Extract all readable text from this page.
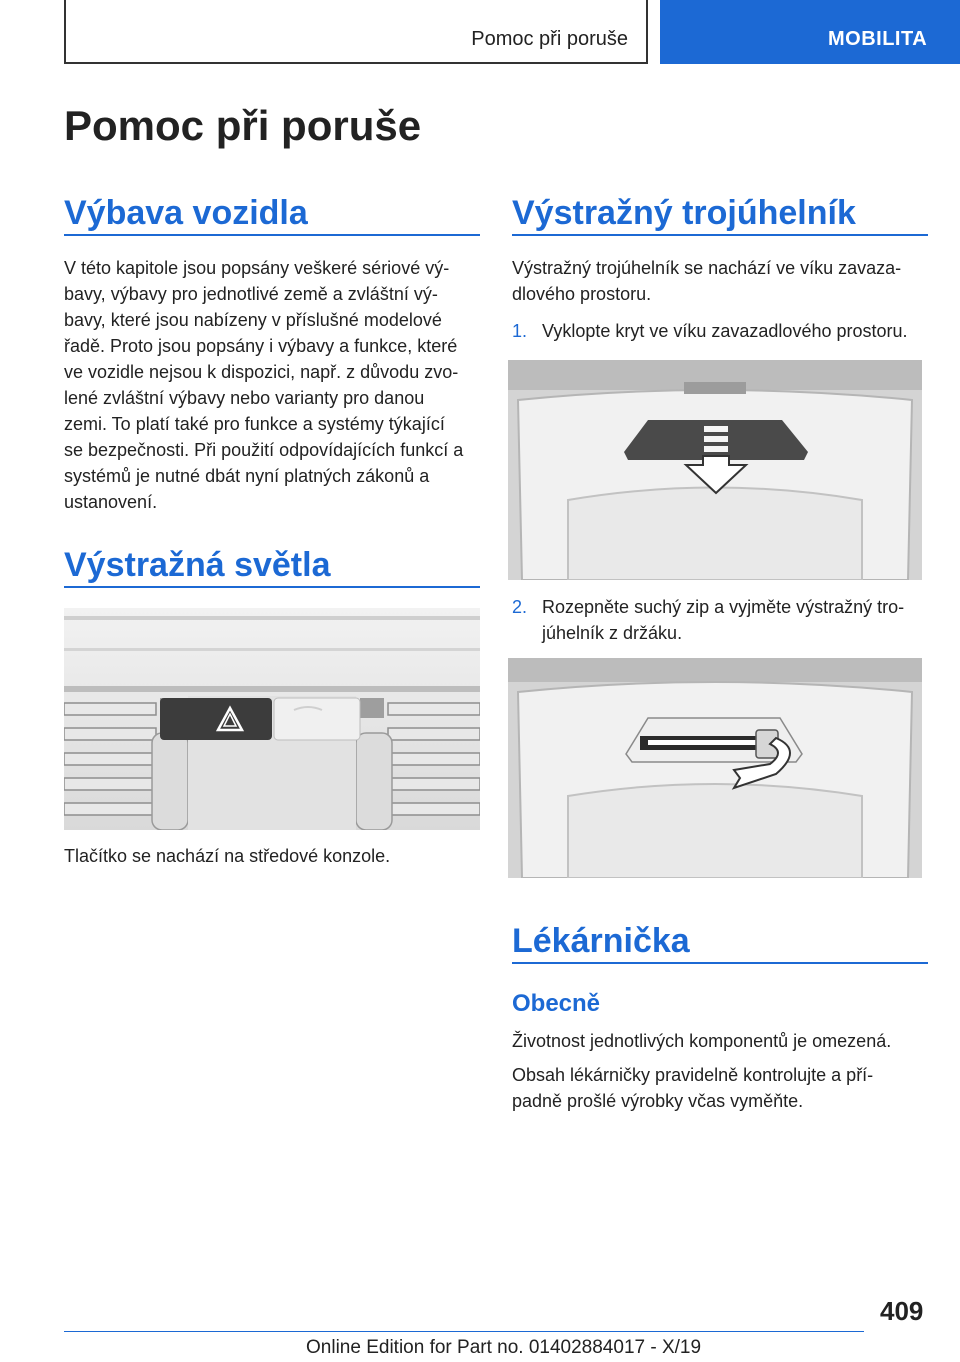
Pomoc při poruše	MOBILITA
Pomoc při poruše
Výbava vozidla
V této kapitole jsou popsány veškeré sériové vý‐
bavy, výbavy pro jednotlivé země a zvláštní vý‐
bavy, které jsou nabízeny v příslušné modelové
řadě. Proto jsou popsány i výbavy a funkce, které
ve vozidle nejsou k dispozici, např. z důvodu zvo‐
lené zvláštní výbavy nebo varianty pro danou
zemi. To platí také pro funkce a systémy týkající
se bezpečnosti. Při použití odpovídajících funkcí a
systémů je nutné dbát nyní platných zákonů a
ustanovení.
Výstražná světla

Tlačítko se nachází na středové konzole.

Výstražný trojúhelník
Výstražný trojúhelník se nachází ve víku zavaza‐
dlového prostoru.
1. Vyklopte kryt ve víku zavazadlového prostoru.
2. Rozepněte suchý zip a vyjměte výstražný tro‐
júhelník z držáku.
Lékárnička
Obecně

Životnost jednotlivých komponentů je omezená.

Obsah lékárničky pravidelně kontrolujte a pří‐
padně prošlé výrobky včas vyměňte.
409
Online Edition for Part no. 01402884017 - X/19
